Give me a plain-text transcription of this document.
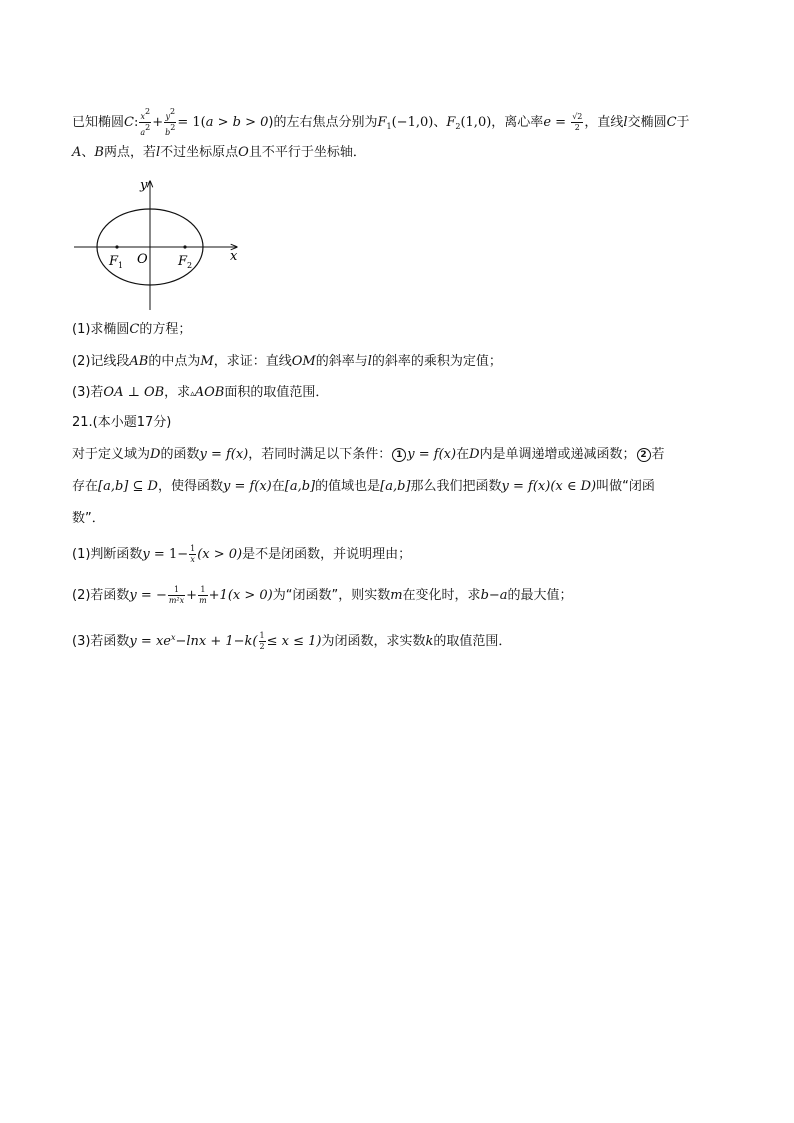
已知椭圆C: $\frac{x^2}{a^2} + \frac{y^2}{b^2} = 1(a > b > 0)$的左右焦点分别为$F_1(-1,0)$、$F_2(1,0)$，离心率$e = \frac{√2}{2}$ ，直线l交椭圆C于
A、B两点，若l不过坐标原点O且不平行于坐标轴．
y
x
O
F 1	F 2
(1)求椭圆C的方程；
(2)记线段AB的中点为M，求证：直线OM的斜率与l的斜率的乘积为定值；
(3)若OA ⊥ OB，求▵AOB面积的取值范围．
21.(本小题17分)
对于定义域为D的函数y = f(x)，若同时满足以下条件： 1 y = f(x)在D内是单调递增或递减函数； 2 若
存在[a,b] ⊆ D，使得函数y = f(x)在[a,b]的值域也是[a,b]那么我们把函数y = f(x)(x ∈ D)叫做“闭函
数”．
(1)判断函数$y = 1- \frac{1}{x} (x > 0)$是不是闭函数，并说明理由；
(2)若函数y = − $\frac{1}{\text{m²x}} + \frac{1}{m} +1(x > 0)$为“闭函数”，则实数m在变化时，求b−a的最大值；
(3)若函数$y = xe^x-\ln x + 1-k( \frac{1}{2} \le x \le 1)$为闭函数，求实数k的取值范围．
